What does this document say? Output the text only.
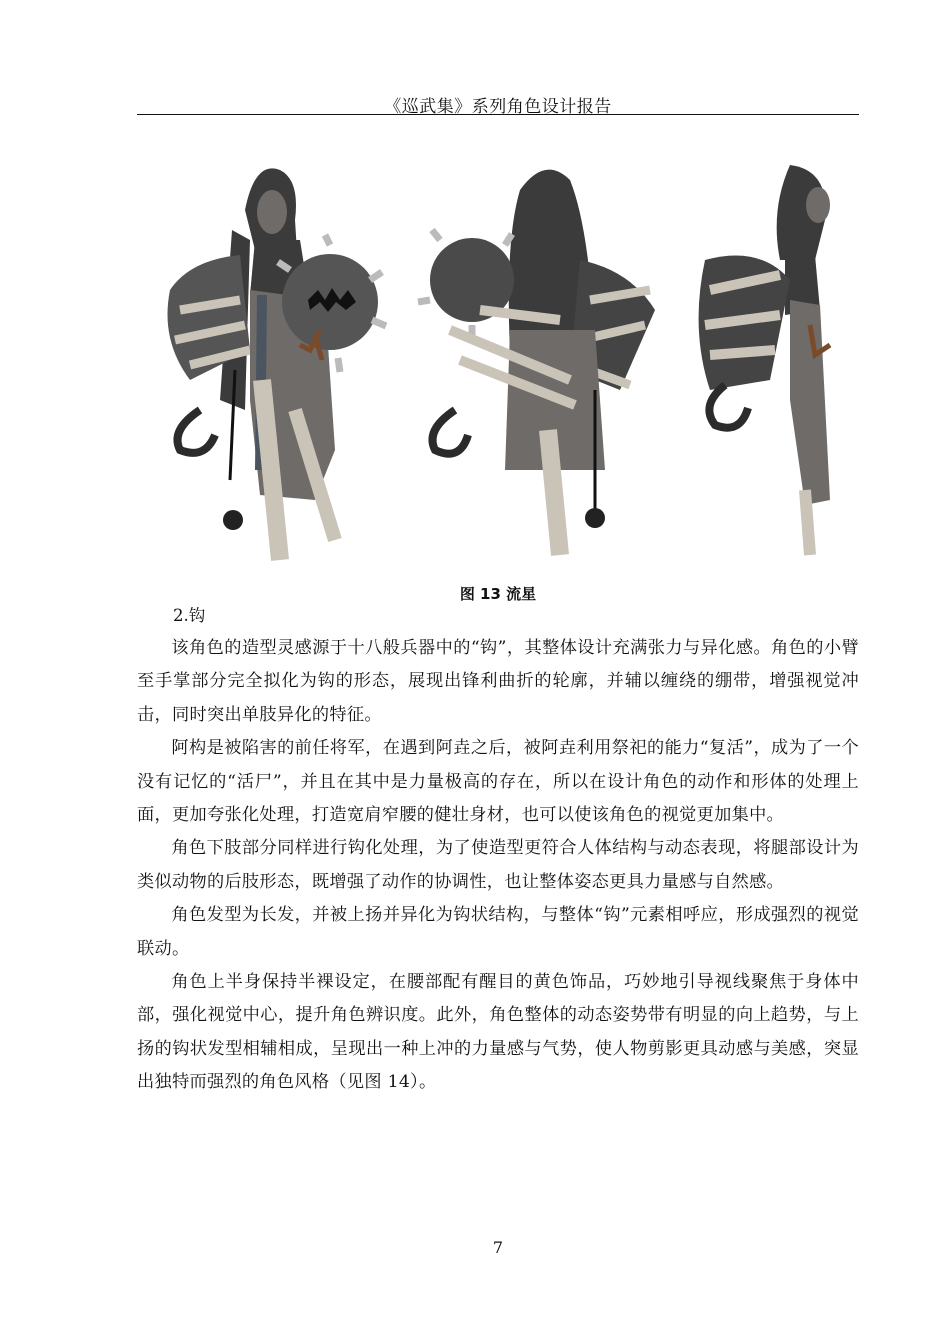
《巡武集》系列角色设计报告
图 13 流星
2.钩

该角色的造型灵感源于十八般兵器中的“钩”，其整体设计充满张力与异化感。角色的小臂至手掌部分完全拟化为钩的形态，展现出锋利曲折的轮廓，并辅以缠绕的绷带，增强视觉冲击，同时突出单肢异化的特征。

阿构是被陷害的前任将军，在遇到阿垚之后，被阿垚利用祭祀的能力“复活”，成为了一个没有记忆的“活尸”，并且在其中是力量极高的存在，所以在设计角色的动作和形体的处理上面，更加夸张化处理，打造宽肩窄腰的健壮身材，也可以使该角色的视觉更加集中。

角色下肢部分同样进行钩化处理，为了使造型更符合人体结构与动态表现，将腿部设计为类似动物的后肢形态，既增强了动作的协调性，也让整体姿态更具力量感与自然感。

角色发型为长发，并被上扬并异化为钩状结构，与整体“钩”元素相呼应，形成强烈的视觉联动。

角色上半身保持半裸设定，在腰部配有醒目的黄色饰品，巧妙地引导视线聚焦于身体中部，强化视觉中心，提升角色辨识度。此外，角色整体的动态姿势带有明显的向上趋势，与上扬的钩状发型相辅相成，呈现出一种上冲的力量感与气势，使人物剪影更具动感与美感，突显出独特而强烈的角色风格（见图 14）。

7
